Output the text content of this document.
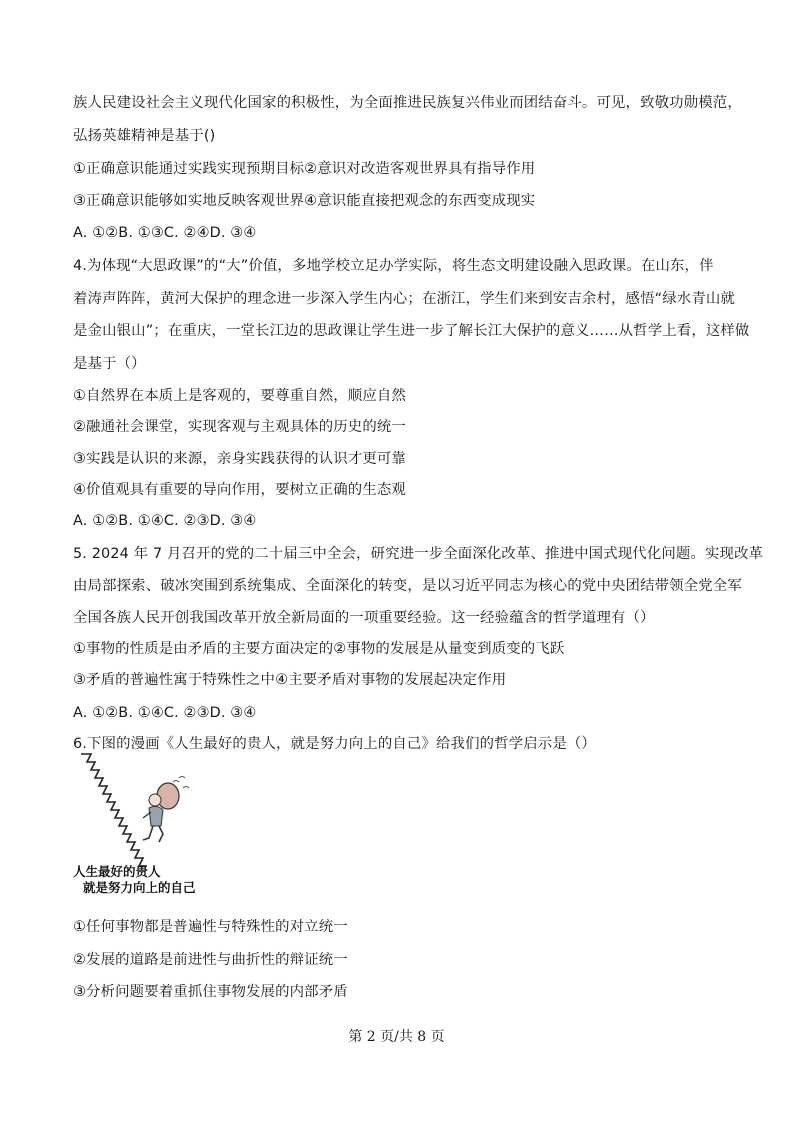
族人民建设社会主义现代化国家的积极性，为全面推进民族复兴伟业而团结奋斗。可见，致敬功勋模范，
弘扬英雄精神是基于()
①正确意识能通过实践实现预期目标②意识对改造客观世界具有指导作用
③正确意识能够如实地反映客观世界④意识能直接把观念的东西变成现实
A. ①②B. ①③C. ②④D. ③④
4.为体现“大思政课”的“大”价值，多地学校立足办学实际，将生态文明建设融入思政课。在山东，伴
着涛声阵阵，黄河大保护的理念进一步深入学生内心；在浙江，学生们来到安吉余村，感悟“绿水青山就
是金山银山”；在重庆，一堂长江边的思政课让学生进一步了解长江大保护的意义……从哲学上看，这样做
是基于（）
①自然界在本质上是客观的，要尊重自然，顺应自然
②融通社会课堂，实现客观与主观具体的历史的统一
③实践是认识的来源，亲身实践获得的认识才更可靠
④价值观具有重要的导向作用，要树立正确的生态观
A. ①②B. ①④C. ②③D. ③④
5. 2024 年 7 月召开的党的二十届三中全会，研究进一步全面深化改革、推进中国式现代化问题。实现改革
由局部探索、破冰突围到系统集成、全面深化的转变，是以习近平同志为核心的党中央团结带领全党全军
全国各族人民开创我国改革开放全新局面的一项重要经验。这一经验蕴含的哲学道理有（）
①事物的性质是由矛盾的主要方面决定的②事物的发展是从量变到质变的飞跃
③矛盾的普遍性寓于特殊性之中④主要矛盾对事物的发展起决定作用
A. ①②B. ①④C. ②③D. ③④
6.下图的漫画《人生最好的贵人，就是努力向上的自己》给我们的哲学启示是（）
①任何事物都是普遍性与特殊性的对立统一
②发展的道路是前进性与曲折性的辩证统一
③分析问题要着重抓住事物发展的内部矛盾
人生最好的贵人
就是努力向上的自己
第 2 页/共 8 页
